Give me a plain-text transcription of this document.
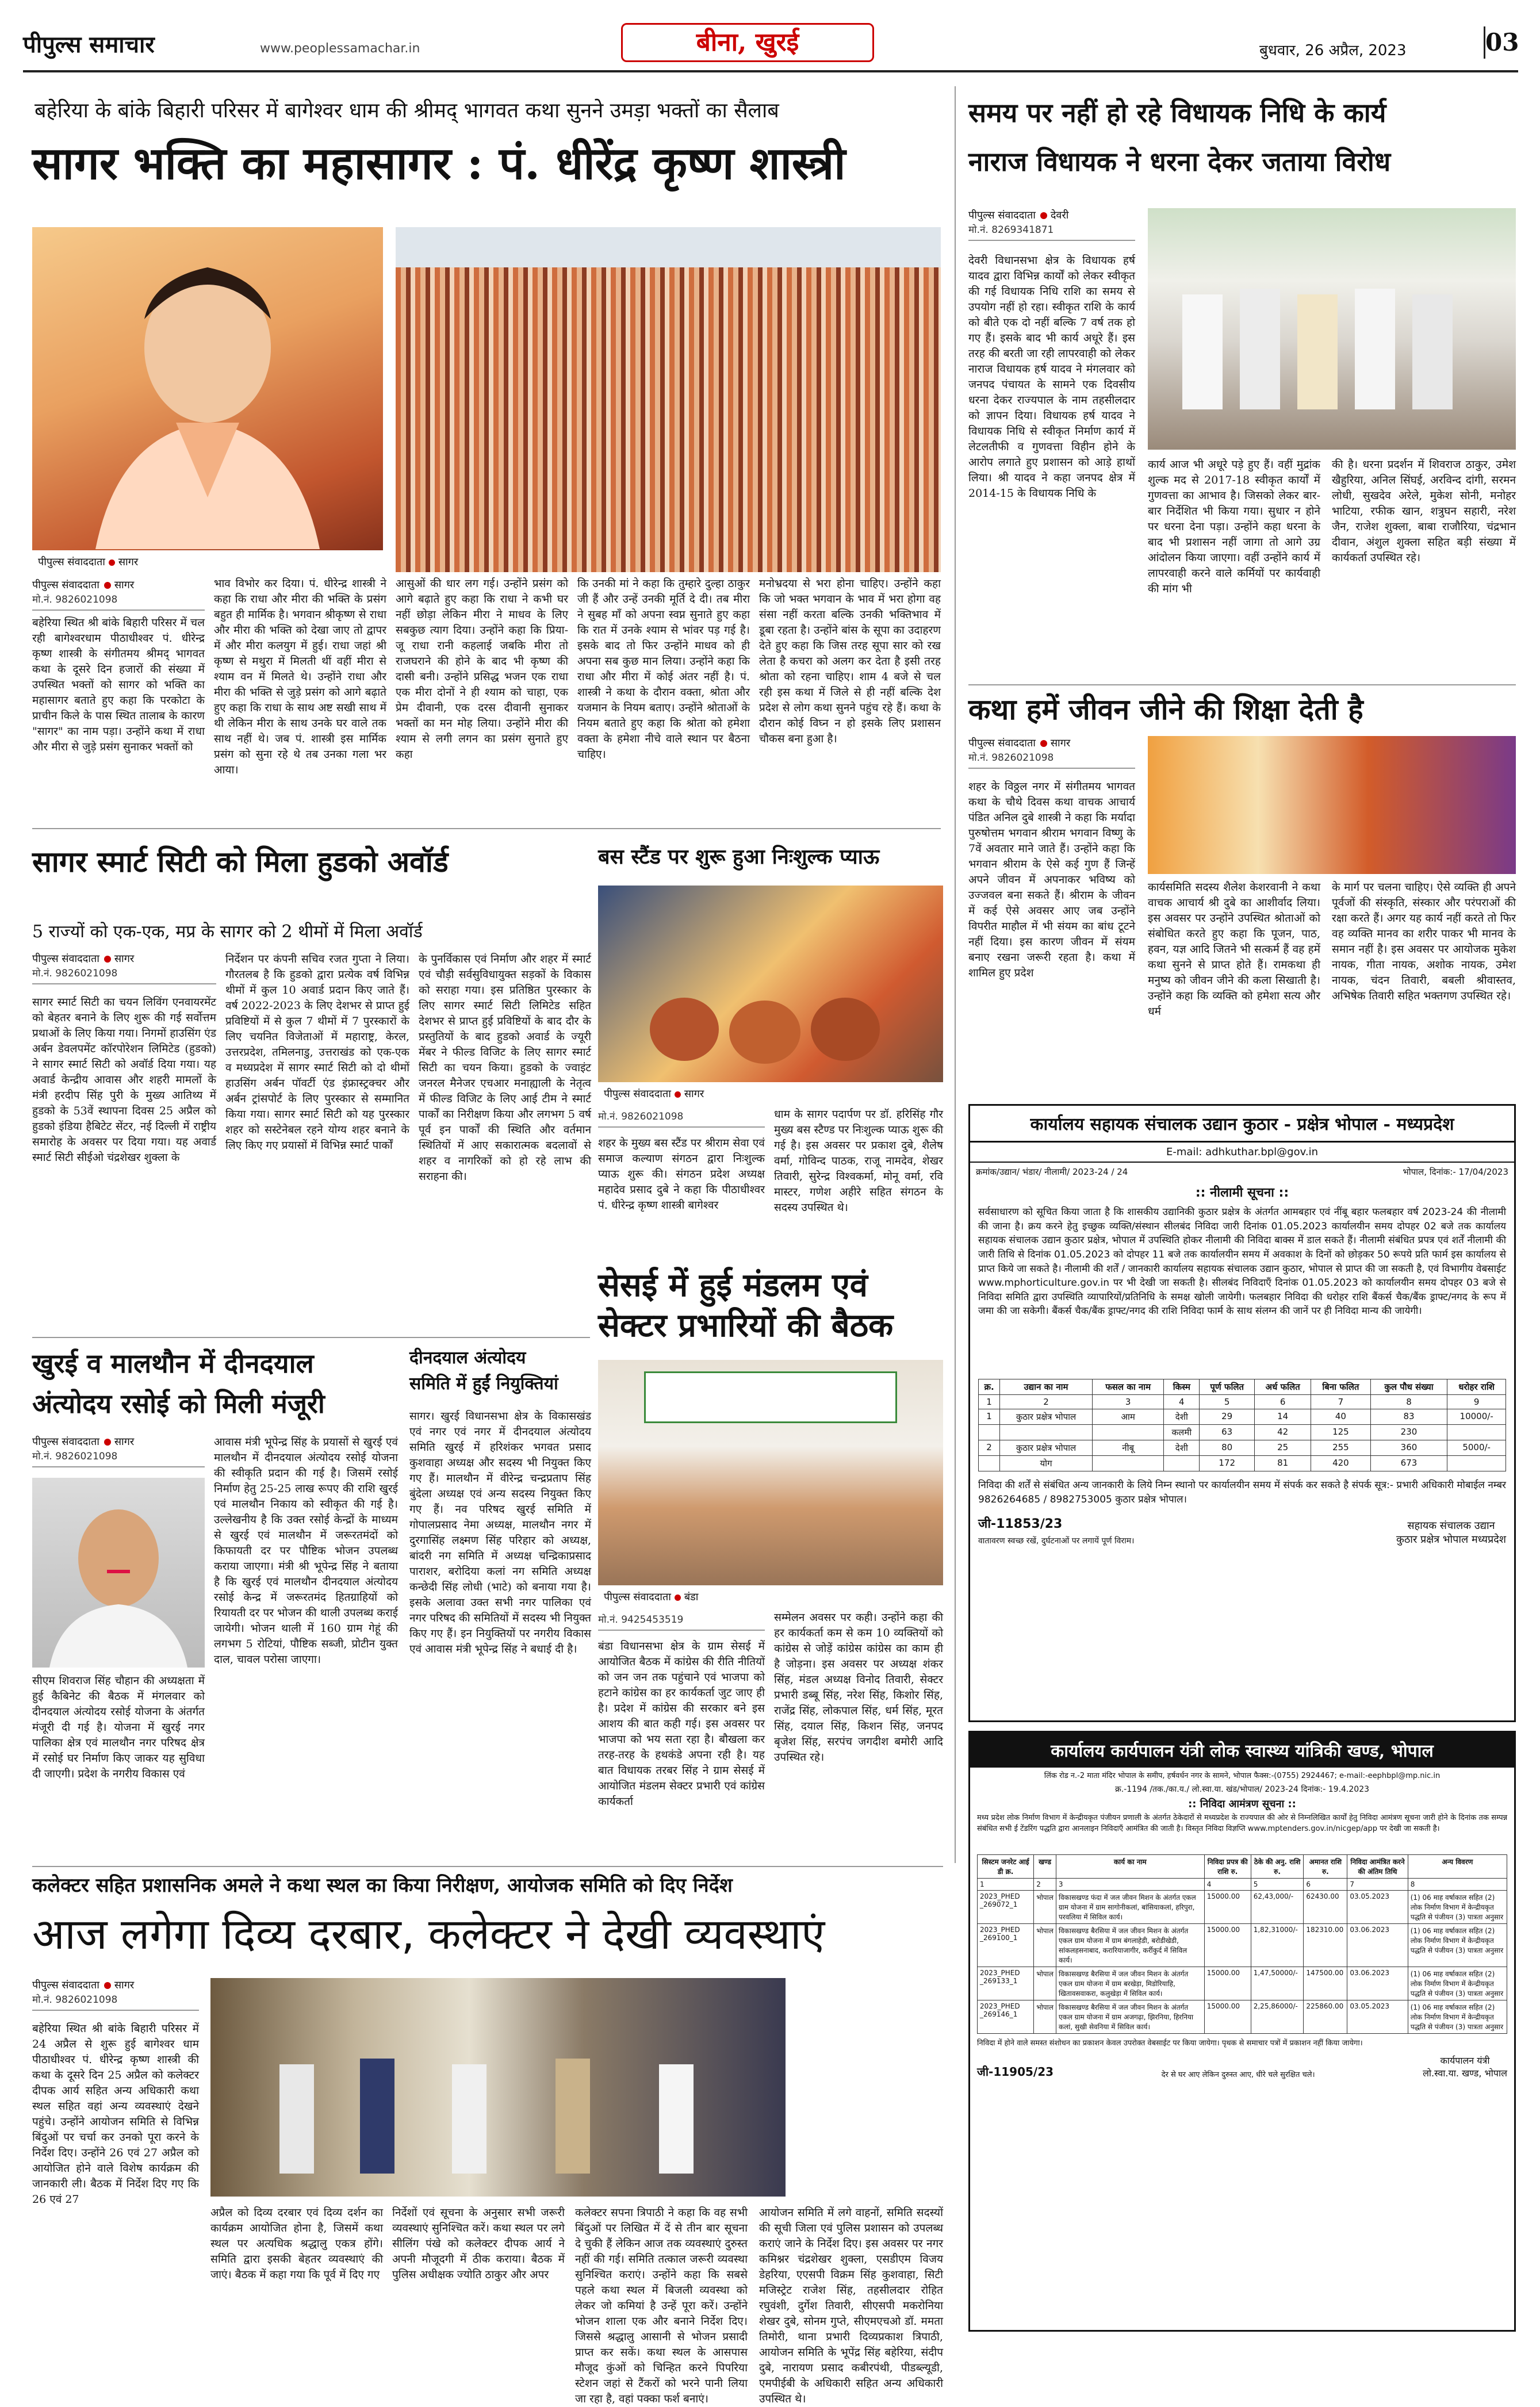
पीपुल्स समाचार	www.peoplessamachar.in	बीना, खुरई	बुधवार, 26 अप्रैल, 2023	03
बहेरिया के बांके बिहारी परिसर में बागेश्वर धाम की श्रीमद् भागवत कथा सुनने उमड़ा भक्तों का सैलाब
सागर भक्ति का महासागर : पं. धीरेंद्र कृष्ण शास्त्री
पीपुल्स संवाददाता सागर
पीपुल्स संवाददाता सागर
मो.नं. 9826021098
बहेरिया स्थित श्री बांके बिहारी परिसर में चल रही बागेश्वरधाम पीठाधीश्वर पं. धीरेन्द्र कृष्ण शास्त्री के संगीतमय श्रीमद् भागवत कथा के दूसरे दिन हजारों की संख्या में उपस्थित भक्तों को सागर को भक्ति का महासागर बताते हुए कहा कि परकोटा के प्राचीन किले के पास स्थित तालाब के कारण "सागर" का नाम पड़ा। उन्होंने कथा में राधा और मीरा से जुड़े प्रसंग सुनाकर भक्तों को
भाव विभोर कर दिया। पं. धीरेन्द्र शास्त्री ने कहा कि राधा और मीरा की भक्ति के प्रसंग बहुत ही मार्मिक है। भगवान श्रीकृष्ण से राधा और मीरा की भक्ति को देखा जाए तो द्वापर में और मीरा कलयुग में हुई। राधा जहां श्री कृष्ण से मथुरा में मिलती थीं वहीं मीरा से श्याम वन में मिलते थे। उन्होंने राधा और मीरा की भक्ति से जुड़े प्रसंग को आगे बढ़ाते हुए कहा कि राधा के साथ अष्ट सखी साथ में थी लेकिन मीरा के साथ उनके घर वाले तक साथ नहीं थे। जब पं. शास्त्री इस मार्मिक प्रसंग को सुना रहे थे तब उनका गला भर आया।
आसुओं की धार लग गई। उन्होंने प्रसंग को आगे बढ़ाते हुए कहा कि राधा ने कभी घर नहीं छोड़ा लेकिन मीरा ने माधव के लिए सबकुछ त्याग दिया। उन्होंने कहा कि प्रिया-जू राधा रानी कहलाई जबकि मीरा तो राजघराने की होने के बाद भी कृष्ण की दासी बनी। उन्होंने प्रसिद्ध भजन एक राधा एक मीरा दोनों ने ही श्याम को चाहा, एक प्रेम दीवानी, एक दरस दीवानी सुनाकर भक्तों का मन मोह लिया। उन्होंने मीरा की श्याम से लगी लगन का प्रसंग सुनाते हुए कहा
कि उनकी मां ने कहा कि तुम्हारे दुल्हा ठाकुर जी हैं और उन्हें उनकी मूर्ति दे दी। तब मीरा ने सुबह माँ को अपना स्वप्न सुनाते हुए कहा कि रात में उनके श्याम से भांवर पड़ गई है। इसके बाद तो फिर उन्होंने माधव को ही अपना सब कुछ मान लिया। उन्होंने कहा कि राधा और मीरा में कोई अंतर नहीं है। पं. शास्त्री ने कथा के दौरान वक्ता, श्रोता और यजमान के नियम बताए। उन्होंने श्रोताओं के नियम बताते हुए कहा कि श्रोता को हमेशा वक्ता के हमेशा नीचे वाले स्थान पर बैठना चाहिए।
मनोभ्रदया से भरा होना चाहिए। उन्होंने कहा कि जो भक्त भगवान के भाव में भरा होगा वह संसा नहीं करता बल्कि उनकी भक्तिभाव में डूबा रहता है। उन्होंने बांस के सूपा का उदाहरण देते हुए कहा कि जिस तरह सूपा सार को रख लेता है कचरा को अलग कर देता है इसी तरह श्रोता को रहना चाहिए। शाम 4 बजे से चल रही इस कथा में जिले से ही नहीं बल्कि देश प्रदेश से लोग कथा सुनने पहुंच रहे हैं। कथा के दौरान कोई विघ्न न हो इसके लिए प्रशासन चौकस बना हुआ है।
सागर स्मार्ट सिटी को मिला हुडको अवॉर्ड
5 राज्यों को एक-एक, मप्र के सागर को 2 थीमों में मिला अवॉर्ड
पीपुल्स संवाददाता सागर
मो.नं. 9826021098
सागर स्मार्ट सिटी का चयन लिविंग एनवायरमेंट को बेहतर बनाने के लिए शुरू की गई सर्वोत्तम प्रथाओं के लिए किया गया। निगमों हाउसिंग एंड अर्बन डेवलपमेंट कॉरपोरेशन लिमिटेड (हुडको) ने सागर स्मार्ट सिटी को अवॉर्ड दिया गया। यह अवार्ड केन्द्रीय आवास और शहरी मामलों के मंत्री हरदीप सिंह पुरी के मुख्य आतिथ्य में हुडको के 53वें स्थापना दिवस 25 अप्रैल को हुडको इंडिया हैबिटेट सेंटर, नई दिल्ली में राष्ट्रीय समारोह के अवसर पर दिया गया। यह अवार्ड स्मार्ट सिटी सीईओ चंद्रशेखर शुक्ला के
निर्देशन पर कंपनी सचिव रजत गुप्ता ने लिया। गौरतलब है कि हुडको द्वारा प्रत्येक वर्ष विभिन्न थीमों में कुल 10 अवार्ड प्रदान किए जाते हैं। वर्ष 2022-2023 के लिए देशभर से प्राप्त हुई प्रविष्टियों में से कुल 7 थीमों में 7 पुरस्कारों के लिए चयनित विजेताओं में महाराष्ट्र, केरल, उत्तरप्रदेश, तमिलनाडु, उत्तराखंड को एक-एक व मध्यप्रदेश में सागर स्मार्ट सिटी को दो थीमों हाउसिंग अर्बन पॉवर्टी एंड इंफ्रास्ट्रक्चर और अर्बन ट्रांसपोर्ट के लिए पुरस्कार से सम्मानित किया गया। सागर स्मार्ट सिटी को यह पुरस्कार शहर को सस्टेनेबल रहने योग्य शहर बनाने के लिए किए गए प्रयासों में विभिन्न स्मार्ट पार्कों
के पुनर्विकास एवं निर्माण और शहर में स्मार्ट एवं चौड़ी सर्वसुविधायुक्त सड़कों के विकास को सराहा गया। इस प्रतिष्ठित पुरस्कार के लिए सागर स्मार्ट सिटी लिमिटेड सहित देशभर से प्राप्त हुई प्रविष्टियों के बाद दौर के प्रस्तुतियों के बाद हुडको अवार्ड के ज्यूरी मेंबर ने फील्ड विजिट के लिए सागर स्मार्ट सिटी का चयन किया। हुडको के ज्वाइंट जनरल मैनेजर एचआर मनाह्याली के नेतृत्व में फील्ड विजिट के लिए आई टीम ने स्मार्ट पार्कों का निरीक्षण किया और लगभग 5 वर्ष पूर्व इन पार्कों की स्थिति और वर्तमान स्थितियों में आए सकारात्मक बदलावों से शहर व नागरिकों को हो रहे लाभ की सराहना की।
बस स्टैंड पर शुरू हुआ निःशुल्क प्याऊ
पीपुल्स संवाददाता सागर
मो.नं. 9826021098
शहर के मुख्य बस स्टैंड पर श्रीराम सेवा एवं समाज कल्याण संगठन द्वारा निःशुल्क प्याऊ शुरू की। संगठन प्रदेश अध्यक्ष महादेव प्रसाद दुबे ने कहा कि पीठाधीश्वर पं. धीरेन्द्र कृष्ण शास्त्री बागेश्वर
धाम के सागर पदार्पण पर डॉ. हरिसिंह गौर मुख्य बस स्टैण्ड पर निःशुल्क प्याऊ शुरू की गई है। इस अवसर पर प्रकाश दुबे, शैलेष वर्मा, गोविन्द पाठक, राजू नामदेव, शेखर तिवारी, सुरेन्द्र विश्वकर्मा, मोनू वर्मा, रवि मास्टर, गणेश अहीरे सहित संगठन के सदस्य उपस्थित थे।
सेसई में हुई मंडलम एवं सेक्टर प्रभारियों की बैठक
पीपुल्स संवाददाता बंडा
मो.नं. 9425453519
बंडा विधानसभा क्षेत्र के ग्राम सेसई में आयोजित बैठक में कांग्रेस की रीति नीतियों को जन जन तक पहुंचाने एवं भाजपा को हटाने कांग्रेस का हर कार्यकर्ता जुट जाए ही है। प्रदेश में कांग्रेस की सरकार बने इस आशय की बात कही गई। इस अवसर पर भाजपा को भय सता रहा है। बौखला कर तरह-तरह के हथकंडे अपना रही है। यह बात विधायक तरबर सिंह ने ग्राम सेसई में आयोजित मंडलम सेक्टर प्रभारी एवं कांग्रेस कार्यकर्ता
सम्मेलन अवसर पर कही। उन्होंने कहा की हर कार्यकर्ता कम से कम 10 व्यक्तियों को कांग्रेस से जोड़ें कांग्रेस कांग्रेस का काम ही है जोड़ना। इस अवसर पर अध्यक्ष शंकर सिंह, मंडल अध्यक्ष विनोद तिवारी, सेक्टर प्रभारी डब्बू सिंह, नरेश सिंह, किशोर सिंह, राजेंद्र सिंह, लोकपाल सिंह, धर्म सिंह, मूरत सिंह, दयाल सिंह, किशन सिंह, जनपद बृजेश सिंह, सरपंच जगदीश बमोरी आदि उपस्थित रहे।
खुरई व मालथौन में दीनदयाल
अंत्योदय रसोई को मिली मंजूरी
पीपुल्स संवाददाता सागर
मो.नं. 9826021098
सीएम शिवराज सिंह चौहान की अध्यक्षता में हुई कैबिनेट की बैठक में मंगलवार को दीनदयाल अंत्योदय रसोई योजना के अंतर्गत मंजूरी दी गई है। योजना में खुरई नगर पालिका क्षेत्र एवं मालथौन नगर परिषद क्षेत्र में रसोई घर निर्माण किए जाकर यह सुविधा दी जाएगी। प्रदेश के नगरीय विकास एवं
आवास मंत्री भूपेन्द्र सिंह के प्रयासों से खुरई एवं मालथौन में दीनदयाल अंत्योदय रसोई योजना की स्वीकृति प्रदान की गई है। जिसमें रसोई निर्माण हेतु 25-25 लाख रूपए की राशि खुरई एवं मालथौन निकाय को स्वीकृत की गई है। उल्लेखनीय है कि उक्त रसोई केन्द्रों के माध्यम से खुरई एवं मालथौन में जरूरतमंदों को किफायती दर पर पौष्टिक भोजन उपलब्ध कराया जाएगा। मंत्री श्री भूपेन्द्र सिंह ने बताया है कि खुरई एवं मालथौन दीनदयाल अंत्योदय रसोई केन्द्र में जरूरतमंद हितग्राहियों को रियायती दर पर भोजन की थाली उपलब्ध कराई जायेगी। भोजन थाली में 160 ग्राम गेहूं की लगभग 5 रोटियां, पौष्टिक सब्जी, प्रोटीन युक्त दाल, चावल परोसा जाएगा।
दीनदयाल अंत्योदय
समिति में हुईं नियुक्तियां
सागर। खुरई विधानसभा क्षेत्र के विकासखंड एवं नगर एवं नगर में दीनदयाल अंत्योदय समिति खुरई में हरिशंकर भगवत प्रसाद कुशवाहा अध्यक्ष और सदस्य भी नियुक्त किए गए हैं। मालथौन में वीरेन्द्र चन्द्रप्रताप सिंह बुंदेला अध्यक्ष एवं अन्य सदस्य नियुक्त किए गए हैं। नव परिषद खुरई समिति में गोपालप्रसाद नेमा अध्यक्ष, मालथौन नगर में दुरगासिंह लक्ष्मण सिंह परिहार को अध्यक्ष, बांदरी नग समिति में अध्यक्ष चन्द्रिकाप्रसाद पाराशर, बरोदिया कलां नग समिति अध्यक्ष कन्छेदी सिंह लोधी (भाटे) को बनाया गया है। इसके अलावा उक्त सभी नगर पालिका एवं नगर परिषद की समितियों में सदस्य भी नियुक्त किए गए हैं। इन नियुक्तियों पर नगरीय विकास एवं आवास मंत्री भूपेन्द्र सिंह ने बधाई दी है।
समय पर नहीं हो रहे विधायक निधि के कार्य
नाराज विधायक ने धरना देकर जताया विरोध
पीपुल्स संवाददाता देवरी
मो.नं. 8269341871
देवरी विधानसभा क्षेत्र के विधायक हर्ष यादव द्वारा विभिन्न कार्यों को लेकर स्वीकृत की गई विधायक निधि राशि का समय से उपयोग नहीं हो रहा। स्वीकृत राशि के कार्य को बीते एक दो नहीं बल्कि 7 वर्ष तक हो गए हैं। इसके बाद भी कार्य अधूरे हैं। इस तरह की बरती जा रही लापरवाही को लेकर नाराज विधायक हर्ष यादव ने मंगलवार को जनपद पंचायत के सामने एक दिवसीय धरना देकर राज्यपाल के नाम तहसीलदार को ज्ञापन दिया। विधायक हर्ष यादव ने विधायक निधि से स्वीकृत निर्माण कार्य में लेटलतीफी व गुणवत्ता विहीन होने के आरोप लगाते हुए प्रशासन को आड़े हाथों लिया। श्री यादव ने कहा जनपद क्षेत्र में 2014-15 के विधायक निधि के
कार्य आज भी अधूरे पड़े हुए हैं। वहीं मुद्रांक शुल्क मद से 2017-18 स्वीकृत कार्यों में गुणवत्ता का आभाव है। जिसको लेकर बार-बार निर्देशित भी किया गया। सुधार न होने पर धरना देना पड़ा। उन्होंने कहा धरना के बाद भी प्रशासन नहीं जागा तो आगे उग्र आंदोलन किया जाएगा। वहीं उन्होंने कार्य में लापरवाही करने वाले कर्मियों पर कार्यवाही की मांग भी
की है। धरना प्रदर्शन में शिवराज ठाकुर, उमेश खैहुरिया, अनिल सिंघई, अरविन्द दांगी, सरमन लोधी, सुखदेव अरेले, मुकेश सोनी, मनोहर भाटिया, रफीक खान, शत्रुघन सहारी, नरेश जैन, राजेश शुक्ला, बाबा राजौरिया, चंद्रभान दीवान, अंशुल शुक्ला सहित बड़ी संख्या में कार्यकर्ता उपस्थित रहे।
कथा हमें जीवन जीने की शिक्षा देती है
पीपुल्स संवाददाता सागर
मो.नं. 9826021098
शहर के विठ्ठल नगर में संगीतमय भागवत कथा के चौथे दिवस कथा वाचक आचार्य पंडित अनिल दुबे शास्त्री ने कहा कि मर्यादा पुरुषोत्तम भगवान श्रीराम भगवान विष्णु के 7वें अवतार माने जाते हैं। उन्होंने कहा कि भगवान श्रीराम के ऐसे कई गुण हैं जिन्हें अपने जीवन में अपनाकर भविष्य को उज्जवल बना सकते हैं। श्रीराम के जीवन में कई ऐसे अवसर आए जब उन्होंने विपरीत माहौल में भी संयम का बांध टूटने नहीं दिया। इस कारण जीवन में संयम बनाए रखना जरूरी रहता है। कथा में शामिल हुए प्रदेश
कार्यसमिति सदस्य शैलेश केशरवानी ने कथा वाचक आचार्य श्री दुबे का आशीर्वाद लिया। इस अवसर पर उन्होंने उपस्थित श्रोताओं को संबोधित करते हुए कहा कि पूजन, पाठ, हवन, यज्ञ आदि जितने भी सत्कर्म हैं वह हमें कथा सुनने से प्राप्त होते हैं। रामकथा ही मनुष्य को जीवन जीने की कला सिखाती है। उन्होंने कहा कि व्यक्ति को हमेशा सत्य और धर्म
के मार्ग पर चलना चाहिए। ऐसे व्यक्ति ही अपने पूर्वजों की संस्कृति, संस्कार और परंपराओं की रक्षा करते हैं। अगर यह कार्य नहीं करते तो फिर वह व्यक्ति मानव का शरीर पाकर भी मानव के समान नहीं है। इस अवसर पर आयोजक मुकेश नायक, गीता नायक, अशोक नायक, उमेश नायक, चंदन तिवारी, बबली श्रीवास्तव, अभिषेक तिवारी सहित भक्तगण उपस्थित रहे।
कार्यालय सहायक संचालक उद्यान कुठार - प्रक्षेत्र भोपाल - मध्यप्रदेश
E-mail: adhkuthar.bpl@gov.in
क्रमांक/उद्यान/ भंडार/ नीलामी/ 2023-24 / 24	भोपाल, दिनांक:- 17/04/2023
:: नीलामी सूचना ::
सर्वसाधारण को सूचित किया जाता है कि शासकीय उद्यानिकी कुठार प्रक्षेत्र के अंतर्गत आमबहार एवं नींबू बहार फलबहार वर्ष 2023-24 की नीलामी की जाना है। क्रय करने हेतु इच्छुक व्यक्ति/संस्थान सीलबंद निविदा जारी दिनांक 01.05.2023 कार्यालयीन समय दोपहर 02 बजे तक कार्यालय सहायक संचालक उद्यान कुठार प्रक्षेत्र, भोपाल में उपस्थिति होकर नीलामी की निविदा बाक्स में डाल सकते हैं। नीलामी संबंधित प्रपत्र एवं शर्तें नीलामी की जारी तिथि से दिनांक 01.05.2023 को दोपहर 11 बजे तक कार्यालयीन समय में अवकाश के दिनों को छोड़कर 50 रूपये प्रति फार्म इस कार्यालय से प्राप्त किये जा सकते है। नीलामी की शर्तें / जानकारी कार्यालय सहायक संचालक उद्यान कुठार, भोपाल से प्राप्त की जा सकती है, एवं विभागीय वेबसाईट www.mphorticulture.gov.in पर भी देखी जा सकती है। सीलबंद निविदाएँ दिनांक 01.05.2023 को कार्यालयीन समय दोपहर 03 बजे से निविदा समिति द्वारा उपस्थिति व्यापारियों/प्रतिनिधि के समक्ष खोली जायेगी। फलबहार निविदा की धरोहर राशि बैंकर्स चैक/बैंक ड्राफ्ट/नगद के रूप में जमा की जा सकेगी। बैंकर्स चैक/बैंक ड्राफ्ट/नगद की राशि निविदा फार्म के साथ संलग्न की जानें पर ही निविदा मान्य की जायेगी।
क्र.	उद्यान का नाम	फसल का नाम	किस्म	पूर्ण फलित	अर्ध फलित	बिना फलित	कुल पौध संख्या	धरोहर राशि
1	2	3	4	5	6	7	8	9
1	कुठार प्रक्षेत्र भोपाल	आम	देशी	29	14	40	83	10000/-
			कलमी	63	42	125	230	
2	कुठार प्रक्षेत्र भोपाल	नीबू	देशी	80	25	255	360	5000/-
	योग			172	81	420	673	
निविदा की शर्तें से संबंधित अन्य जानकारी के लिये निम्न स्थानो पर कार्यालयीन समय में संपर्क कर सकते है संपर्क सूत्र:- प्रभारी अधिकारी मोबाईल नम्बर 9826264685 / 8982753005 कुठार प्रक्षेत्र भोपाल।
जी-11853/23
वातावरण स्वच्छ रखें, दुर्घटनाओं पर लगायें पूर्ण विराम।
सहायक संचालक उद्यान
कुठार प्रक्षेत्र भोपाल मध्यप्रदेश
कार्यालय कार्यपालन यंत्री लोक स्वास्थ्य यांत्रिकी खण्ड, भोपाल
लिंक रोड न.-2 माता मंदिर भोपाल के समीप, हर्षवर्धन नगर के सामने, भोपाल फैक्स:-(0755) 2924467; e-mail:-eephbpl@mp.nic.in
क्र.-1194 /तक./का.य./ लो.स्वा.या. खंड/भोपाल/ 2023-24 दिनांक:- 19.4.2023
:: निविदा आमंत्रण सूचना ::
मध्य प्रदेश लोक निर्माण विभाग में केन्द्रीयकृत पंजीयन प्रणाली के अंतर्गत ठेकेदारों से मध्यप्रदेश के राज्यपाल की ओर से निम्नलिखित कार्यों हेतु निविदा आमंत्रण सूचना जारी होने के दिनांक तक सम्पन्न संबंधित सभी ई टेंडरिंग पद्धति द्वारा आनलाइन निविदाएँ आमंत्रित की जाती है। विस्तृत निविदा विज्ञप्ति www.mptenders.gov.in/nicgep/app पर देखी जा सकती है।
सिस्टम जनरेट आई डी क्र.	खण्ड	कार्य का नाम	निविदा प्रपत्र की राशि रु.	ठेके की अनु. राशि रु.	अमानत राशि रु.	निविदा आमंत्रित करने की अंतिम तिथि	अन्य विवरण
1	2	3	4	5	6	7	8
2023_PHED _269072_1	भोपाल	विकासखण्ड फंदा में जल जीवन मिशन के अंतर्गत एकल ग्राम योजना में ग्राम सागोनीकलां, बांसियाकलां, हरिपुरा, परवलिया में सिविल कार्य।	15000.00	62,43,000/-	62430.00	03.05.2023	(1) 06 माह वर्षाकाल सहित (2) लोक निर्माण विभाग में केन्द्रीयकृत पद्धति से पंजीयन (3) पात्रता अनुसार
2023_PHED _269100_1	भोपाल	विकासखण्ड बैरसिया में जल जीवन मिशन के अंतर्गत एकल ग्राम योजना में ग्राम बंगलाहेडी, बरोडीखेडी, सांकलहसनाबाद, करारियाजागीर, कर्रीकुर्द में सिविल कार्य।	15000.00	1,82,31000/-	182310.00	03.06.2023	(1) 06 माह वर्षाकाल सहित (2) लोक निर्माण विभाग में केन्द्रीयकृत पद्धति से पंजीयन (3) पात्रता अनुसार
2023_PHED _269133_1	भोपाल	विकासखण्ड बैरसिया में जल जीवन मिशन के अंतर्गत एकल ग्राम योजना में ग्राम बरखेड़ा, मिडोरियाहि, खितावसवाकरा, कलुखेड़ा में सिविल कार्य।	15000.00	1,47,50000/-	147500.00	03.06.2023	(1) 06 माह वर्षाकाल सहित (2) लोक निर्माण विभाग में केन्द्रीयकृत पद्धति से पंजीयन (3) पात्रता अनुसार
2023_PHED _269146_1	भोपाल	विकासखण्ड बैरसिया में जल जीवन मिशन के अंतर्गत एकल ग्राम योजना में ग्राम अजगढ़ा, झिरनिया, हिरनिया कलां, सुखी सेवनिया में सिविल कार्य।	15000.00	2,25,86000/-	225860.00	03.05.2023	(1) 06 माह वर्षाकाल सहित (2) लोक निर्माण विभाग में केन्द्रीयकृत पद्धति से पंजीयन (3) पात्रता अनुसार
निविदा में होने वाले समस्त संशोधन का प्रकाशन केवल उपरोक्त वेबसाईट पर किया जायेगा। पृथक से समाचार पत्रों में प्रकाशन नहीं किया जायेगा।
जी-11905/23	देर से घर आए लेकिन दुरुस्त आए, धीरे चले सुरक्षित चले।
कार्यपालन यंत्री
लो.स्वा.या. खण्ड, भोपाल
कलेक्टर सहित प्रशासनिक अमले ने कथा स्थल का किया निरीक्षण, आयोजक समिति को दिए निर्देश
आज लगेगा दिव्य दरबार, कलेक्टर ने देखी व्यवस्थाएं
पीपुल्स संवाददाता सागर
मो.नं. 9826021098
बहेरिया स्थित श्री बांके बिहारी परिसर में 24 अप्रैल से शुरू हुई बागेश्वर धाम पीठाधीश्वर पं. धीरेन्द्र कृष्ण शास्त्री की कथा के दूसरे दिन 25 अप्रैल को कलेक्टर दीपक आर्य सहित अन्य अधिकारी कथा स्थल सहित वहां अन्य व्यवस्थाएं देखने पहुंचे। उन्होंने आयोजन समिति से विभिन्न बिंदुओं पर चर्चा कर उनको पूरा करने के निर्देश दिए। उन्होंने 26 एवं 27 अप्रैल को आयोजित होने वाले विशेष कार्यक्रम की जानकारी ली। बैठक में निर्देश दिए गए कि 26 एवं 27
अप्रैल को दिव्य दरबार एवं दिव्य दर्शन का कार्यक्रम आयोजित होना है, जिसमें कथा स्थल पर अत्यधिक श्रद्धालु एकत्र होंगे। समिति द्वारा इसकी बेहतर व्यवस्थाएं की जाएं। बैठक में कहा गया कि पूर्व में दिए गए
निर्देशों एवं सूचना के अनुसार सभी जरूरी व्यवस्थाएं सुनिश्चित करें। कथा स्थल पर लगे सीलिंग पंखे को कलेक्टर दीपक आर्य ने अपनी मौजूदगी में ठीक कराया। बैठक में पुलिस अधीक्षक ज्योति ठाकुर और अपर
कलेक्टर सपना त्रिपाठी ने कहा कि वह सभी बिंदुओं पर लिखित में दें से तीन बार सूचना दे चुकी हैं लेकिन आज तक व्यवस्थाएं दुरुस्त नहीं की गई। समिति तत्काल जरूरी व्यवस्था सुनिश्चित कराएं। उन्होंने कहा कि सबसे पहले कथा स्थल में बिजली व्यवस्था को लेकर जो कमियां है उन्हें पूरा करें। उन्होंने भोजन शाला एक और बनाने निर्देश दिए। जिससे श्रद्धालु आसानी से भोजन प्रसादी प्राप्त कर सकें। कथा स्थल के आसपास मौजूद कुंओं को चिन्हित करने पिपरिया स्टेशन जहां से टैंकरों को भरने पानी लिया जा रहा है, वहां पक्का फर्श बनाएं।
आयोजन समिति में लगे वाहनों, समिति सदस्यों की सूची जिला एवं पुलिस प्रशासन को उपलब्ध कराएं जाने के निर्देश दिए। इस अवसर पर नगर कमिश्नर चंद्रशेखर शुक्ला, एसडीएम विजय डेहरिया, एएसपी विक्रम सिंह कुशवाहा, सिटी मजिस्ट्रेट राजेश सिंह, तहसीलदार रोहित रघुवंशी, दुर्गेश तिवारी, सीएसपी मकरोनिया शेखर दुबे, सोनम गुप्ते, सीएमएचओ डॉ. ममता तिमोरी, थाना प्रभारी दिव्यप्रकाश त्रिपाठी, आयोजन समिति के भूपेंद्र सिंह बहेरिया, संदीप दुबे, नारायण प्रसाद कबीरपंथी, पीडब्ल्यूडी, एमपीईबी के अधिकारी सहित अन्य अधिकारी उपस्थित थे।
